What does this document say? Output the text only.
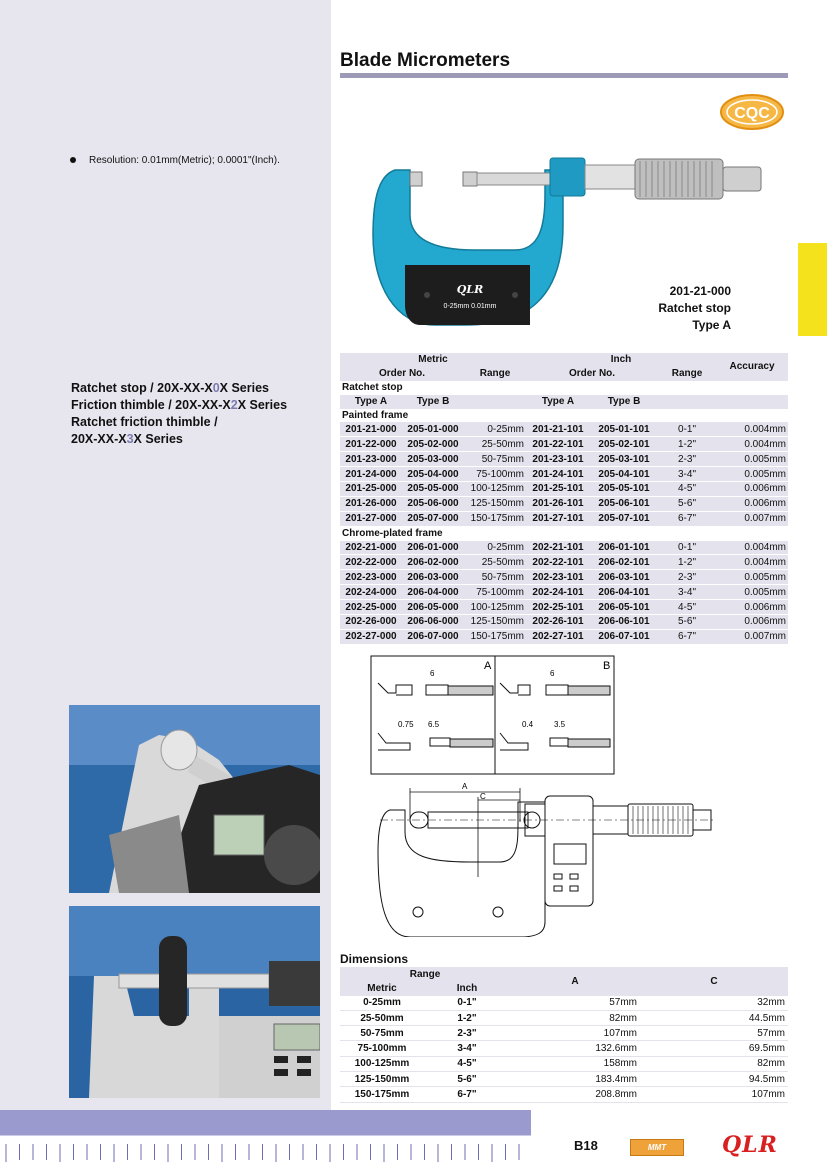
Blade Micrometers
CQC
Resolution: 0.01mm(Metric); 0.0001"(Inch).
Ratchet stop / 20X-XX-X0X Series
Friction thimble / 20X-XX-X2X Series
Ratchet friction thimble /
20X-XX-X3X Series
QLR
0-25mm 0.01mm
201-21-000
Ratchet stop
Type A
Metric			Inch			Accuracy
Order No.		Range	Order No.		Range	
Ratchet stop						
Type A	Type B		Type A	Type B		
Painted frame						
201-21-000	205-01-000	0-25mm	201-21-101	205-01-101	0-1"	0.004mm
201-22-000	205-02-000	25-50mm	201-22-101	205-02-101	1-2"	0.004mm
201-23-000	205-03-000	50-75mm	201-23-101	205-03-101	2-3"	0.005mm
201-24-000	205-04-000	75-100mm	201-24-101	205-04-101	3-4"	0.005mm
201-25-000	205-05-000	100-125mm	201-25-101	205-05-101	4-5"	0.006mm
201-26-000	205-06-000	125-150mm	201-26-101	205-06-101	5-6"	0.006mm
201-27-000	205-07-000	150-175mm	201-27-101	205-07-101	6-7"	0.007mm
Chrome-plated frame						
202-21-000	206-01-000	0-25mm	202-21-101	206-01-101	0-1"	0.004mm
202-22-000	206-02-000	25-50mm	202-22-101	206-02-101	1-2"	0.004mm
202-23-000	206-03-000	50-75mm	202-23-101	206-03-101	2-3"	0.005mm
202-24-000	206-04-000	75-100mm	202-24-101	206-04-101	3-4"	0.005mm
202-25-000	206-05-000	100-125mm	202-25-101	206-05-101	4-5"	0.006mm
202-26-000	206-06-000	125-150mm	202-26-101	206-06-101	5-6"	0.006mm
202-27-000	206-07-000	150-175mm	202-27-101	206-07-101	6-7"	0.007mm
A	B
6
0.75 6.5
6
0.4	3.5
A
C
Dimensions
Range		A	C
Metric	Inch		
0-25mm	0-1"	57mm	32mm
25-50mm	1-2"	82mm	44.5mm
50-75mm	2-3"	107mm	57mm
75-100mm	3-4"	132.6mm	69.5mm
100-125mm	4-5"	158mm	82mm
125-150mm	5-6"	183.4mm	94.5mm
150-175mm	6-7"	208.8mm	107mm
B18	MMT	QLR
